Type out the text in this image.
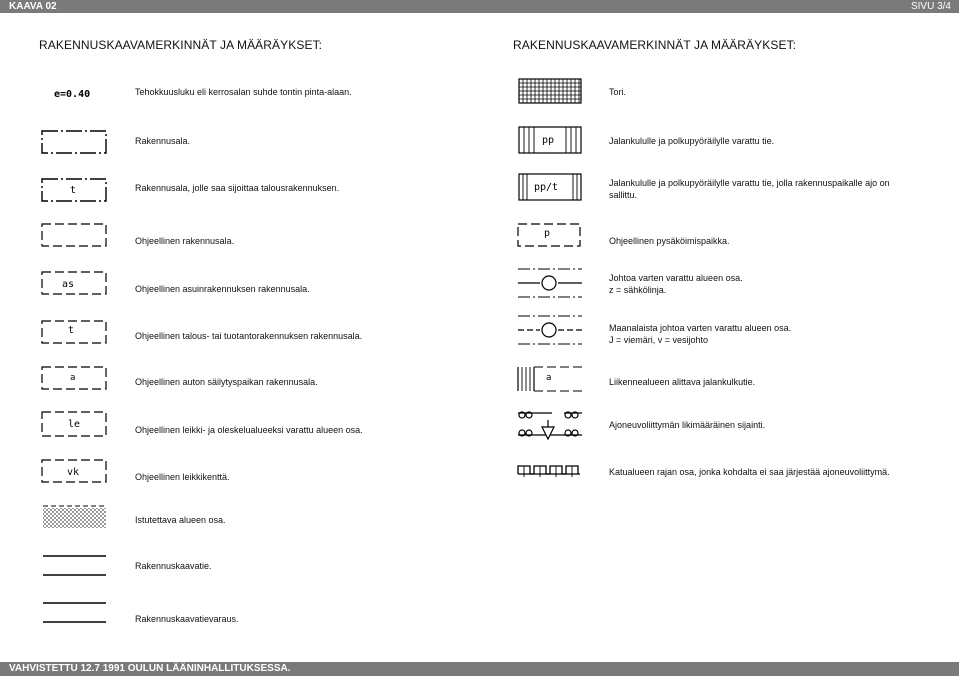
KAAVA 02	SIVU 3/4
RAKENNUSKAAVAMERKINNÄT JA MÄÄRÄYKSET:	RAKENNUSKAAVAMERKINNÄT JA MÄÄRÄYKSET:
e=0.40	Tehokkuusluku eli kerrosalan suhde tontin pinta-alaan.
Rakennusala.
t	Rakennusala, jolle saa sijoittaa talousrakennuksen.
Ohjeellinen rakennusala.
as	Ohjeellinen asuinrakennuksen rakennusala.
t	Ohjeellinen talous- tai tuotantorakennuksen rakennusala.
a	Ohjeellinen auton säilytyspaikan rakennusala.
le	Ohjeellinen leikki- ja oleskelualueeksi varattu alueen osa.
vk	Ohjeellinen leikkikenttä.
Istutettava alueen osa.
Rakennuskaavatie.
Rakennuskaavatievaraus.
Tori.
pp	Jalankululle ja polkupyöräilylle varattu tie.
pp/t	Jalankululle ja polkupyöräilylle varattu tie, jolla rakennuspaikalle ajo on
sallittu.
p
Ohjeellinen pysäköimispaikka.
Johtoa varten varattu alueen osa.
z = sähkölinja.
Maanalaista johtoa varten varattu alueen osa.
J = viemäri, v = vesijohto
a	Liikennealueen alittava jalankulkutie.
Ajoneuvoliittymän likimääräinen sijainti.
Katualueen rajan osa, jonka kohdalta ei saa järjestää ajoneuvoliittymä.
VAHVISTETTU 12.7 1991 OULUN LÄÄNINHALLITUKSESSA.
